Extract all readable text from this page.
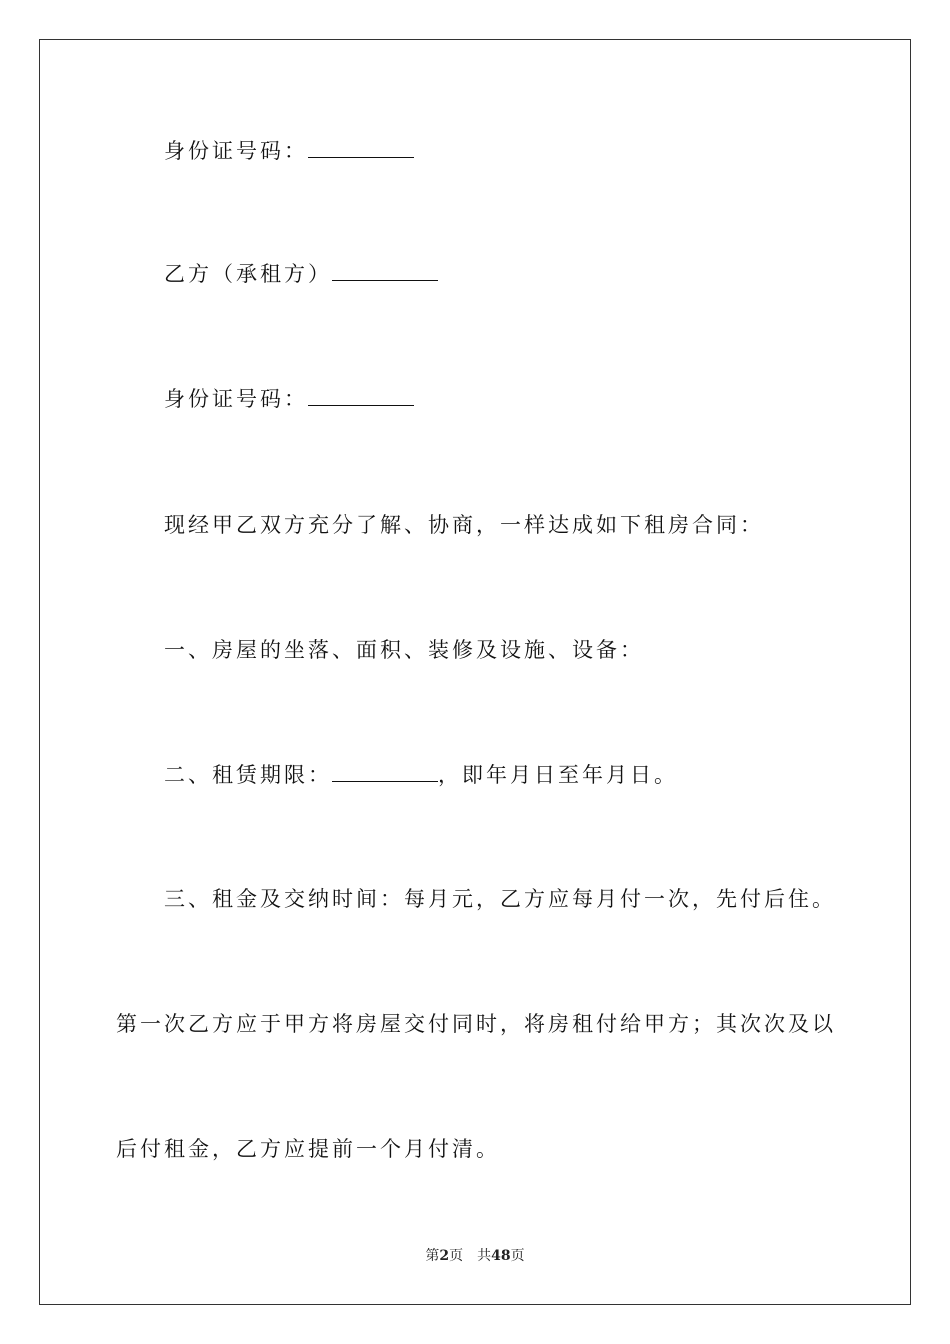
身份证号码：
乙方（承租方）
身份证号码：
现经甲乙双方充分了解、协商，一样达成如下租房合同：
一、房屋的坐落、面积、装修及设施、设备：
二、租赁期限：	，即年月日至年月日。
三、租金及交纳时间：每月元，乙方应每月付一次，先付后住。
第一次乙方应于甲方将房屋交付同时，将房租付给甲方；其次次及以
后付租金，乙方应提前一个月付清。
第2页 共48页
